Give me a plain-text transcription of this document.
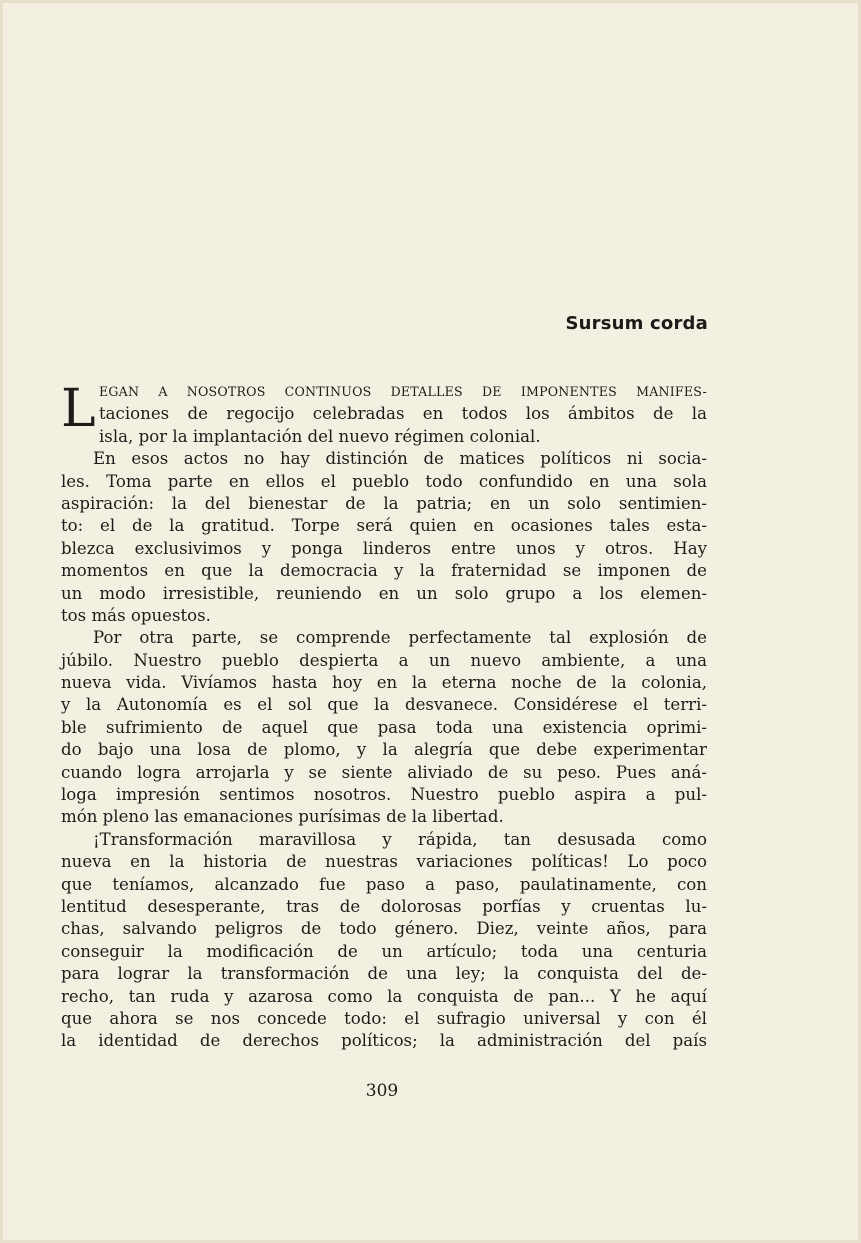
Sursum corda
L EGAN A NOSOTROS CONTINUOS DETALLES DE IMPONENTES MANIFES-
taciones de regocijo celebradas en todos los ámbitos de la
isla, por la implantación del nuevo régimen colonial.
En esos actos no hay distinción de matices políticos ni socia-
les. Toma parte en ellos el pueblo todo confundido en una sola
aspiración: la del bienestar de la patria; en un solo sentimien-
to: el de la gratitud. Torpe será quien en ocasiones tales esta-
blezca exclusivimos y ponga linderos entre unos y otros. Hay
momentos en que la democracia y la fraternidad se imponen de
un modo irresistible, reuniendo en un solo grupo a los elemen-
tos más opuestos.
Por otra parte, se comprende perfectamente tal explosión de
júbilo. Nuestro pueblo despierta a un nuevo ambiente, a una
nueva vida. Vivíamos hasta hoy en la eterna noche de la colonia,
y la Autonomía es el sol que la desvanece. Considérese el terri-
ble sufrimiento de aquel que pasa toda una existencia oprimi-
do bajo una losa de plomo, y la alegría que debe experimentar
cuando logra arrojarla y se siente aliviado de su peso. Pues aná-
loga impresión sentimos nosotros. Nuestro pueblo aspira a pul-
món pleno las emanaciones purísimas de la libertad.
¡Transformación maravillosa y rápida, tan desusada como
nueva en la historia de nuestras variaciones políticas! Lo poco
que teníamos, alcanzado fue paso a paso, paulatinamente, con
lentitud desesperante, tras de dolorosas porfías y cruentas lu-
chas, salvando peligros de todo género. Diez, veinte años, para
conseguir la modificación de un artículo; toda una centuria
para lograr la transformación de una ley; la conquista del de-
recho, tan ruda y azarosa como la conquista de pan... Y he aquí
que ahora se nos concede todo: el sufragio universal y con él
la identidad de derechos políticos; la administración del país
309
